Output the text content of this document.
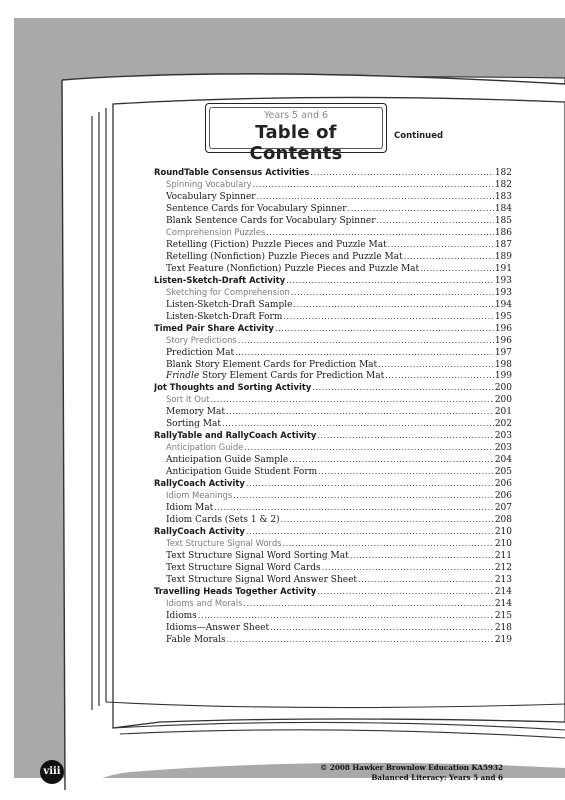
Years 5 and 6
Table of Contents
Continued
RoundTable Consensus Activities .....	182
Spinning Vocabulary .....	182
Vocabulary Spinner .....	183
Sentence Cards for Vocabulary Spinner .....	184
Blank Sentence Cards for Vocabulary Spinner .....	185
Comprehension Puzzles .....	186
Retelling (Fiction) Puzzle Pieces and Puzzle Mat .....	187
Retelling (Nonfiction) Puzzle Pieces and Puzzle Mat .....	189
Text Feature (Nonfiction) Puzzle Pieces and Puzzle Mat .....	191
Listen-Sketch-Draft Activity .....	193
Sketching for Comprehension .....	193
Listen-Sketch-Draft Sample .....	194
Listen-Sketch-Draft Form .....	195
Timed Pair Share Activity .....	196
Story Predictions .....	196
Prediction Mat .....	197
Blank Story Element Cards for Prediction Mat .....	198
Frindle Story Element Cards for Prediction Mat .....	199
Jot Thoughts and Sorting Activity .....	200
Sort It Out .....	200
Memory Mat .....	201
Sorting Mat .....	202
RallyTable and RallyCoach Activity .....	203
Anticipation Guide .....	203
Anticipation Guide Sample .....	204
Anticipation Guide Student Form .....	205
RallyCoach Activity .....	206
Idiom Meanings .....	206
Idiom Mat .....	207
Idiom Cards (Sets 1 & 2) .....	208
RallyCoach Activity .....	210
Text Structure Signal Words .....	210
Text Structure Signal Word Sorting Mat .....	211
Text Structure Signal Word Cards .....	212
Text Structure Signal Word Answer Sheet .....	213
Travelling Heads Together Activity .....	214
Idioms and Morals .....	214
Idioms .....	215
Idioms—Answer Sheet .....	218
Fable Morals .....	219
viii	© 2008 Hawker Brownlow Education KA5932
Balanced Literacy: Years 5 and 6
